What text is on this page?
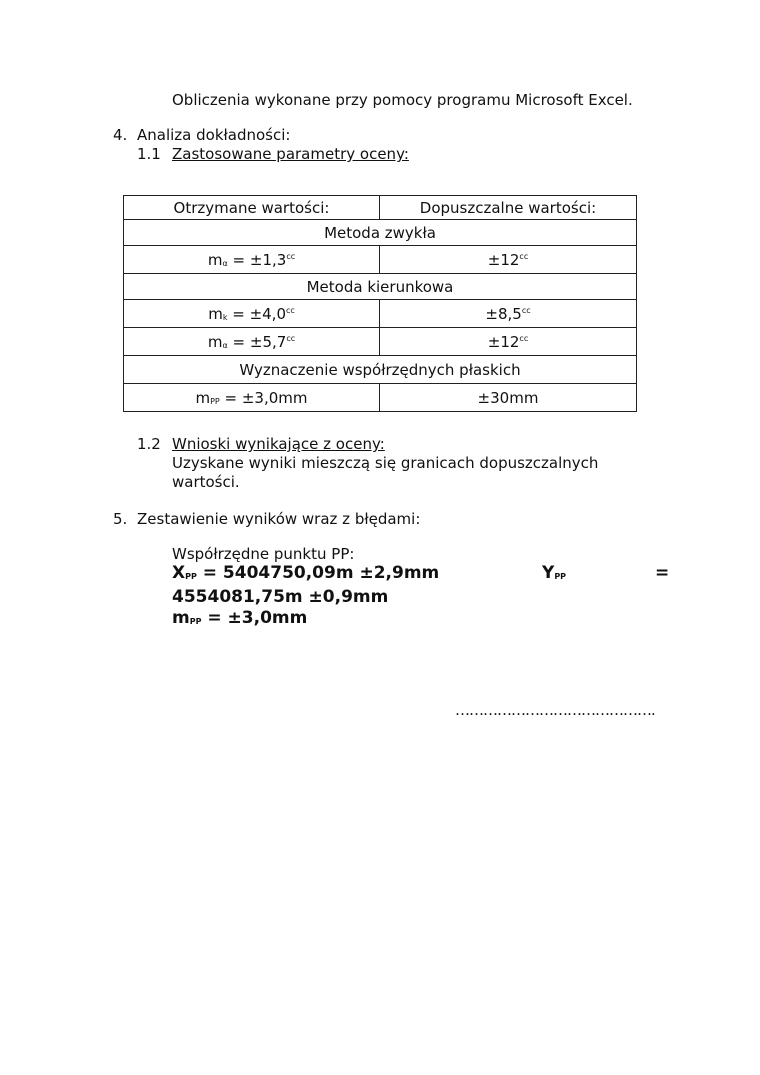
Obliczenia wykonane przy pomocy programu Microsoft Excel.
4. Analiza dokładności:
1.1 Zastosowane parametry oceny:
Otrzymane wartości:	Dopuszczalne wartości:
Metoda zwykła	
$m_\alpha = \pm 1,3^{cc}$	$\pm 12^{cc}$
Metoda kierunkowa	
$m_k = \pm 4,0^{cc}$	±8,5$^{cc}$
$m_\alpha = \pm 5,7^{cc}$	$\pm 12^{cc}$
Wyznaczenie współrzędnych płaskich	
$m_{PP} = \pm 3,0mm$	±30mm
1.2 Wnioski wynikające z oceny:
Uzyskane wyniki mieszczą się granicach dopuszczalnych
wartości.
5. Zestawienie wyników wraz z błędami:
Współrzędne punktu PP:
$X_{PP} = 5404750,09m \pm 2,9mm$	$Y_{PP}$	=
4554081,75m ±0,9mm
$m_{PP} = \pm 3,0mm$
…………………………………….
